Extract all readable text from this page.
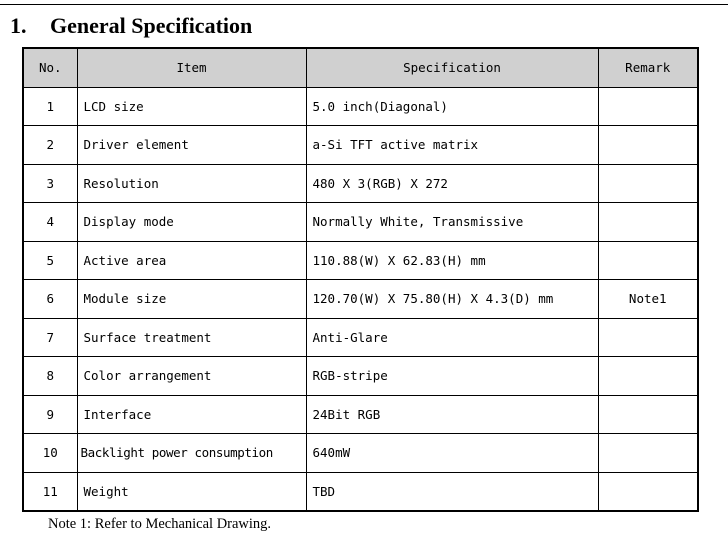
1. General Specification
No.	Item	Specification	Remark
1	LCD size	5.0 inch(Diagonal)	
2	Driver element	a-Si TFT active matrix	
3	Resolution	480 X 3(RGB) X 272	
4	Display mode	Normally White, Transmissive	
5	Active area	110.88(W) X 62.83(H) mm	
6	Module size	120.70(W) X 75.80(H) X 4.3(D) mm	Note1
7	Surface treatment	Anti-Glare	
8	Color arrangement	RGB-stripe	
9	Interface	24Bit RGB	
10	Backlight power consumption	640mW	
11	Weight	TBD	
Note 1: Refer to Mechanical Drawing.
